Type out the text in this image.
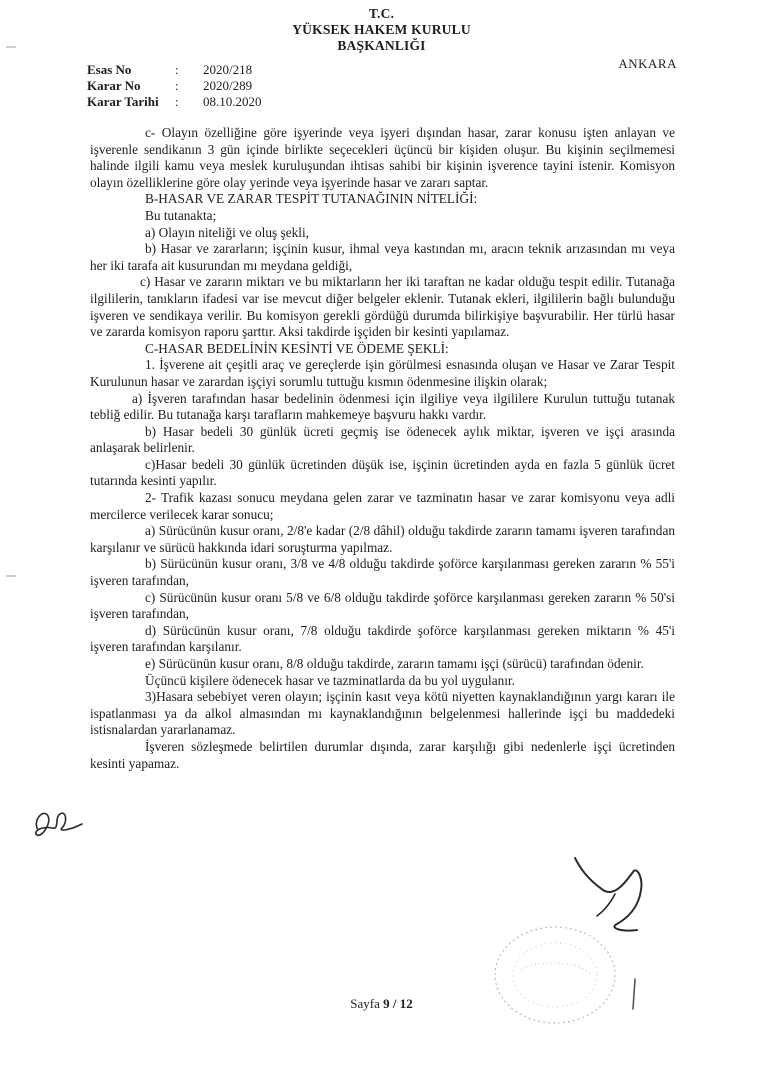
T.C.
YÜKSEK HAKEM KURULU
BAŞKANLIĞI
ANKARA
Esas No	:	2020/218
Karar No	:	2020/289
Karar Tarihi	:	08.10.2020

c- Olayın özelliğine göre işyerinde veya işyeri dışından hasar, zarar konusu işten anlayan ve işverenle sendikanın 3 gün içinde birlikte seçecekleri üçüncü bir kişiden oluşur. Bu kişinin seçilmemesi halinde ilgili kamu veya meslek kuruluşundan ihtisas sahibi bir kişinin işverence tayini istenir. Komisyon olayın özelliklerine göre olay yerinde veya işyerinde hasar ve zararı saptar.

B-HASAR VE ZARAR TESPİT TUTANAĞININ NİTELİĞİ:

Bu tutanakta;

a) Olayın niteliği ve oluş şekli,

b) Hasar ve zararların; işçinin kusur, ihmal veya kastından mı, aracın teknik arızasından mı veya her iki tarafa ait kusurundan mı meydana geldiği,

c) Hasar ve zararın miktarı ve bu miktarların her iki taraftan ne kadar olduğu tespit edilir. Tutanağa ilgililerin, tanıkların ifadesi var ise mevcut diğer belgeler eklenir. Tutanak ekleri, ilgililerin bağlı bulunduğu işveren ve sendikaya verilir. Bu komisyon gerekli gördüğü durumda bilirkişiye başvurabilir. Her türlü hasar ve zararda komisyon raporu şarttır. Aksi takdirde işçiden bir kesinti yapılamaz.

C-HASAR BEDELİNİN KESİNTİ VE ÖDEME ŞEKLİ:

1. İşverene ait çeşitli araç ve gereçlerde işin görülmesi esnasında oluşan ve Hasar ve Zarar Tespit Kurulunun hasar ve zarardan işçiyi sorumlu tuttuğu kısmın ödenmesine ilişkin olarak;

a) İşveren tarafından hasar bedelinin ödenmesi için ilgiliye veya ilgililere Kurulun tuttuğu tutanak tebliğ edilir. Bu tutanağa karşı tarafların mahkemeye başvuru hakkı vardır.

b) Hasar bedeli 30 günlük ücreti geçmiş ise ödenecek aylık miktar, işveren ve işçi arasında anlaşarak belirlenir.

c)Hasar bedeli 30 günlük ücretinden düşük ise, işçinin ücretinden ayda en fazla 5 günlük ücret tutarında kesinti yapılır.

2- Trafik kazası sonucu meydana gelen zarar ve tazminatın hasar ve zarar komisyonu veya adli mercilerce verilecek karar sonucu;

a) Sürücünün kusur oranı, 2/8'e kadar (2/8 dâhil) olduğu takdirde zararın tamamı işveren tarafından karşılanır ve sürücü hakkında idari soruşturma yapılmaz.

b) Sürücünün kusur oranı, 3/8 ve 4/8 olduğu takdirde şoförce karşılanması gereken zararın % 55'i işveren tarafından,

c) Sürücünün kusur oranı 5/8 ve 6/8 olduğu takdirde şoförce karşılanması gereken zararın % 50'si işveren tarafından,

d) Sürücünün kusur oranı, 7/8 olduğu takdirde şoförce karşılanması gereken miktarın % 45'i işveren tarafından karşılanır.

e) Sürücünün kusur oranı, 8/8 olduğu takdirde, zararın tamamı işçi (sürücü) tarafından ödenir.

Üçüncü kişilere ödenecek hasar ve tazminatlarda da bu yol uygulanır.

3)Hasara sebebiyet veren olayın; işçinin kasıt veya kötü niyetten kaynaklandığının yargı kararı ile ispatlanması ya da alkol almasından mı kaynaklandığının belgelenmesi hallerinde işçi bu maddedeki istisnalardan yararlanamaz.

İşveren sözleşmede belirtilen durumlar dışında, zarar karşılığı gibi nedenlerle işçi ücretinden kesinti yapamaz.

Sayfa 9 / 12
